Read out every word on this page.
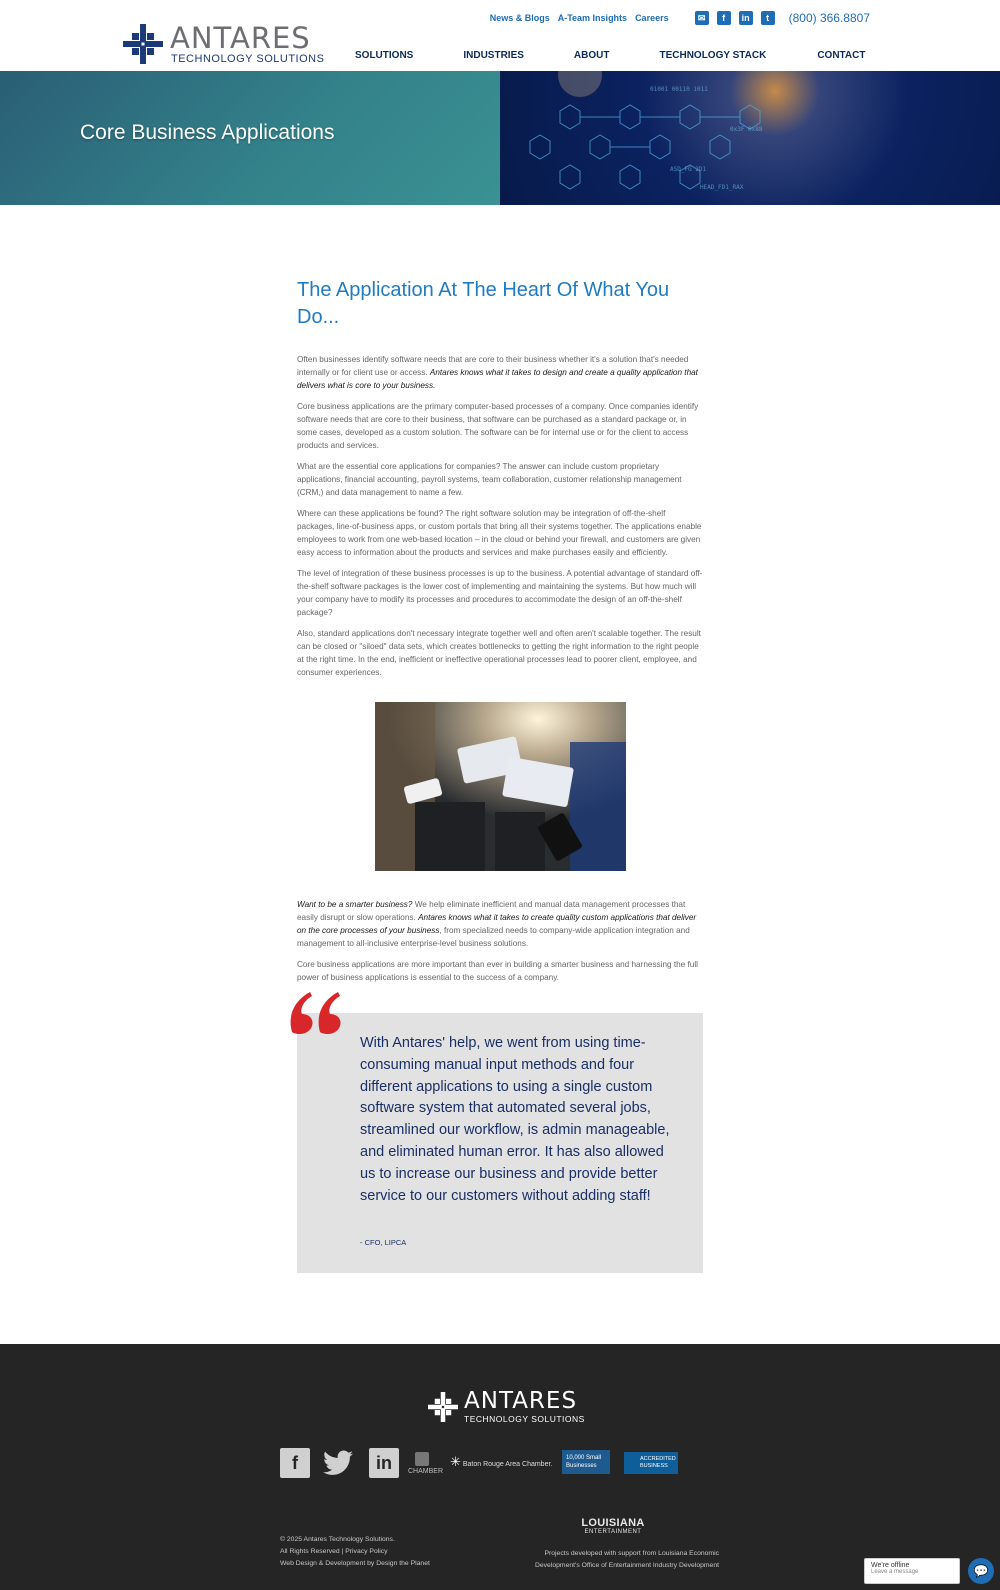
ANTARES
TECHNOLOGY SOLUTIONS
News & Blogs A-Team Insights Careers	✉	f	in	t	(800) 366.8807
SOLUTIONS	INDUSTRIES	ABOUT	TECHNOLOGY STACK	CONTACT
01001 00110 1011
ASD_FG 2D1
HEAD_FD1_RAX
0x3F 0x88
Core Business Applications
The Application At The Heart Of What You Do...

Often businesses identify software needs that are core to their business whether it's a solution that's needed internally or for client use or access. Antares knows what it takes to design and create a quality application that delivers what is core to your business.

Core business applications are the primary computer-based processes of a company. Once companies identify software needs that are core to their business, that software can be purchased as a standard package or, in some cases, developed as a custom solution. The software can be for internal use or for the client to access products and services.

What are the essential core applications for companies? The answer can include custom proprietary applications, financial accounting, payroll systems, team collaboration, customer relationship management (CRM,) and data management to name a few.

Where can these applications be found? The right software solution may be integration of off-the-shelf packages, line-of-business apps, or custom portals that bring all their systems together. The applications enable employees to work from one web-based location – in the cloud or behind your firewall, and customers are given easy access to information about the products and services and make purchases easily and efficiently.

The level of integration of these business processes is up to the business. A potential advantage of standard off-the-shelf software packages is the lower cost of implementing and maintaining the systems. But how much will your company have to modify its processes and procedures to accommodate the design of an off-the-shelf package?

Also, standard applications don't necessary integrate together well and often aren't scalable together. The result can be closed or "siloed" data sets, which creates bottlenecks to getting the right information to the right people at the right time. In the end, inefficient or ineffective operational processes lead to poorer client, employee, and consumer experiences.

Want to be a smarter business? We help eliminate inefficient and manual data management processes that easily disrupt or slow operations. Antares knows what it takes to create quality custom applications that deliver on the core processes of your business, from specialized needs to company-wide application integration and management to all-inclusive enterprise-level business solutions.

Core business applications are more important than ever in building a smarter business and harnessing the full power of business applications is essential to the success of a company.

With Antares' help, we went from using time-consuming manual input methods and four different applications to using a single custom software system that automated several jobs, streamlined our workflow, is admin manageable, and eliminated human error. It has also allowed us to increase our business and provide better service to our customers without adding staff!

- CFO, LIPCA

ANTARES
TECHNOLOGY SOLUTIONS
f	in	CHAMBER
✳ Baton Rouge Area Chamber.
10,000 Small Businesses
ACCREDITED BUSINESS
© 2025 Antares Technology Solutions.
All Rights Reserved | Privacy Policy
Web Design & Development by Design the Planet
LOUISIANA
ENTERTAINMENT
Projects developed with support from Louisiana Economic Development's Office of Entertainment Industry Development	We're offline
Leave a message	💬
